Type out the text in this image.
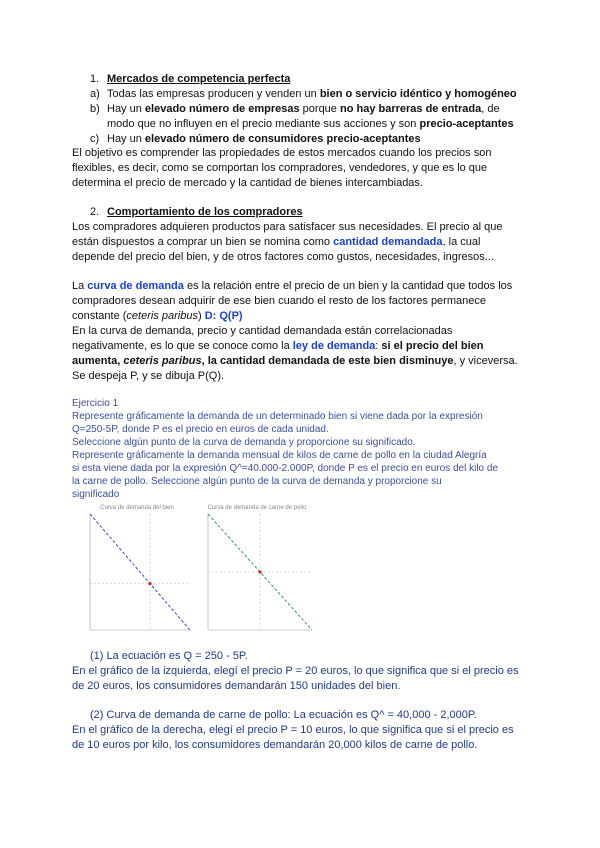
1. Mercados de competencia perfecta
a) Todas las empresas producen y venden un bien o servicio idéntico y homogéneo
b) Hay un elevado número de empresas porque no hay barreras de entrada, de
modo que no influyen en el precio mediante sus acciones y son precio-aceptantes
c) Hay un elevado número de consumidores precio-aceptantes
El objetivo es comprender las propiedades de estos mercados cuando los precios son
flexibles, es decir, como se comportan los compradores, vendedores, y que es lo que
determina el precio de mercado y la cantidad de bienes intercambiadas.
2. Comportamiento de los compradores
Los compradores adquieren productos para satisfacer sus necesidades. El precio al que
están dispuestos a comprar un bien se nomina como cantidad demandada, la cual
depende del precio del bien, y de otros factores como gustos, necesidades, ingresos...
La curva de demanda es la relación entre el precio de un bien y la cantidad que todos los
compradores desean adquirir de ese bien cuando el resto de los factores permanece
constante (ceteris paribus) D: Q(P)
En la curva de demanda, precio y cantidad demandada están correlacionadas
negativamente, es lo que se conoce como la ley de demanda: si el precio del bien
aumenta, ceteris paribus, la cantidad demandada de este bien disminuye, y viceversa.
Se despeja P, y se dibuja P(Q).
Ejercicio 1
Represente gráficamente la demanda de un determinado bien si viene dada por la expresión
Q=250-5P, donde P es el precio en euros de cada unidad.
Seleccione algún punto de la curva de demanda y proporcione su significado.
Represente gráficamente la demanda mensual de kilos de carne de pollo en la ciudad Alegría
si esta viene dada por la expresión Q^=40.000-2.000P, donde P es el precio en euros del kilo de
la carne de pollo. Seleccione algún punto de la curva de demanda y proporcione su
significado
Curva de demanda del bien	Curva de demanda de carne de pollo
(1) La ecuación es Q = 250 - 5P.
En el gráfico de la izquierda, elegí el precio P = 20 euros, lo que significa que si el precio es
de 20 euros, los consumidores demandarán 150 unidades del bien.
(2) Curva de demanda de carne de pollo: La ecuación es Q^ = 40,000 - 2,000P.
En el gráfico de la derecha, elegí el precio P = 10 euros, lo que significa que si el precio es
de 10 euros por kilo, los consumidores demandarán 20,000 kilos de carne de pollo.
